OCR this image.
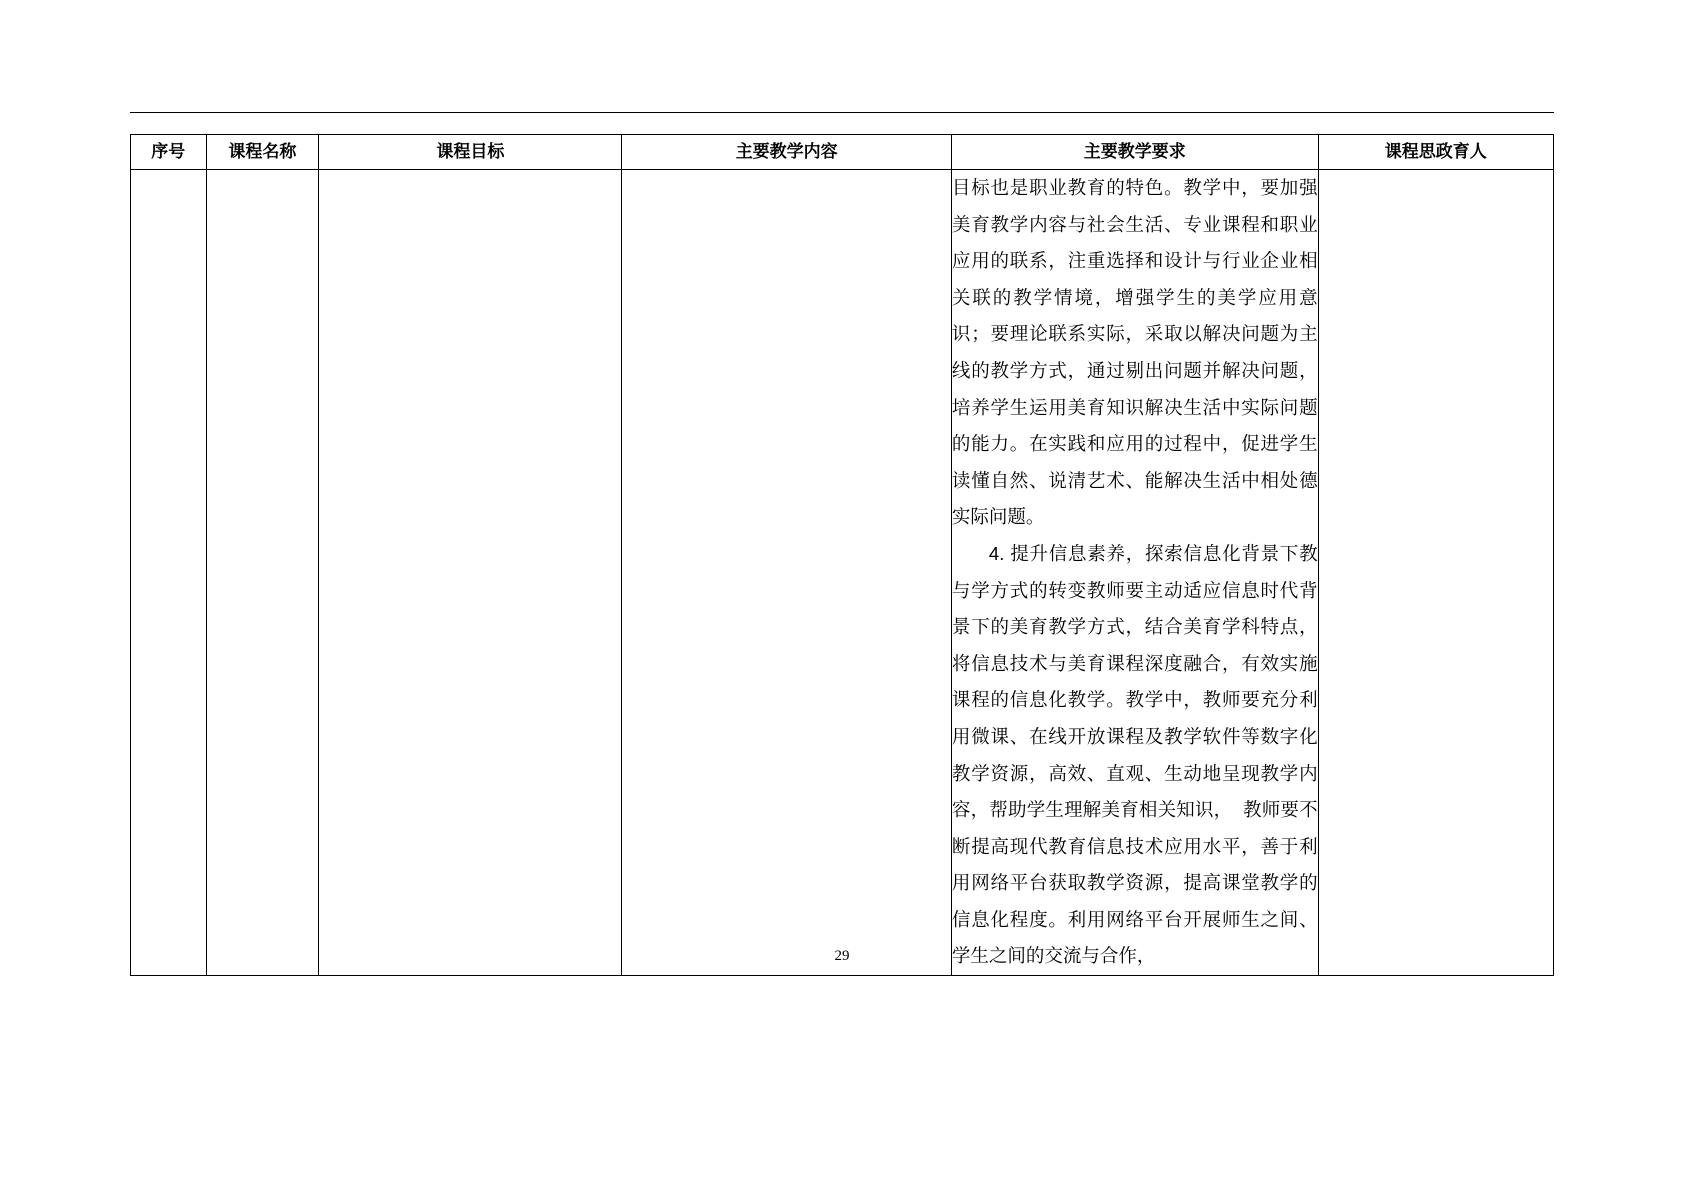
序号	课程名称	课程目标	主要教学内容	主要教学要求	课程思政育人

				目标也是职业教育的特色。教学中，要加强美育教学内容与社会生活、专业课程和职业应用的联系，注重选择和设计与行业企业相关联的教学情境，增强学生的美学应用意识；要理论联系实际，采取以解决问题为主线的教学方式，通过剔出问题并解决问题，培养学生运用美育知识解决生活中实际问题的能力。在实践和应用的过程中，促进学生读懂自然、说清艺术、能解决生活中相处德实际问题。

4. 提升信息素养，探索信息化背景下教与学方式的转变教师要主动适应信息时代背景下的美育教学方式，结合美育学科特点，将信息技术与美育课程深度融合，有效实施课程的信息化教学。教学中，教师要充分利用微课、在线开放课程及教学软件等数字化教学资源，高效、直观、生动地呈现教学内容，帮助学生理解美育相关知识，  教师要不断提高现代教育信息技术应用水平，善于利用网络平台获取教学资源，提高课堂教学的信息化程度。利用网络平台开展师生之间、学生之间的交流与合作，	

29
